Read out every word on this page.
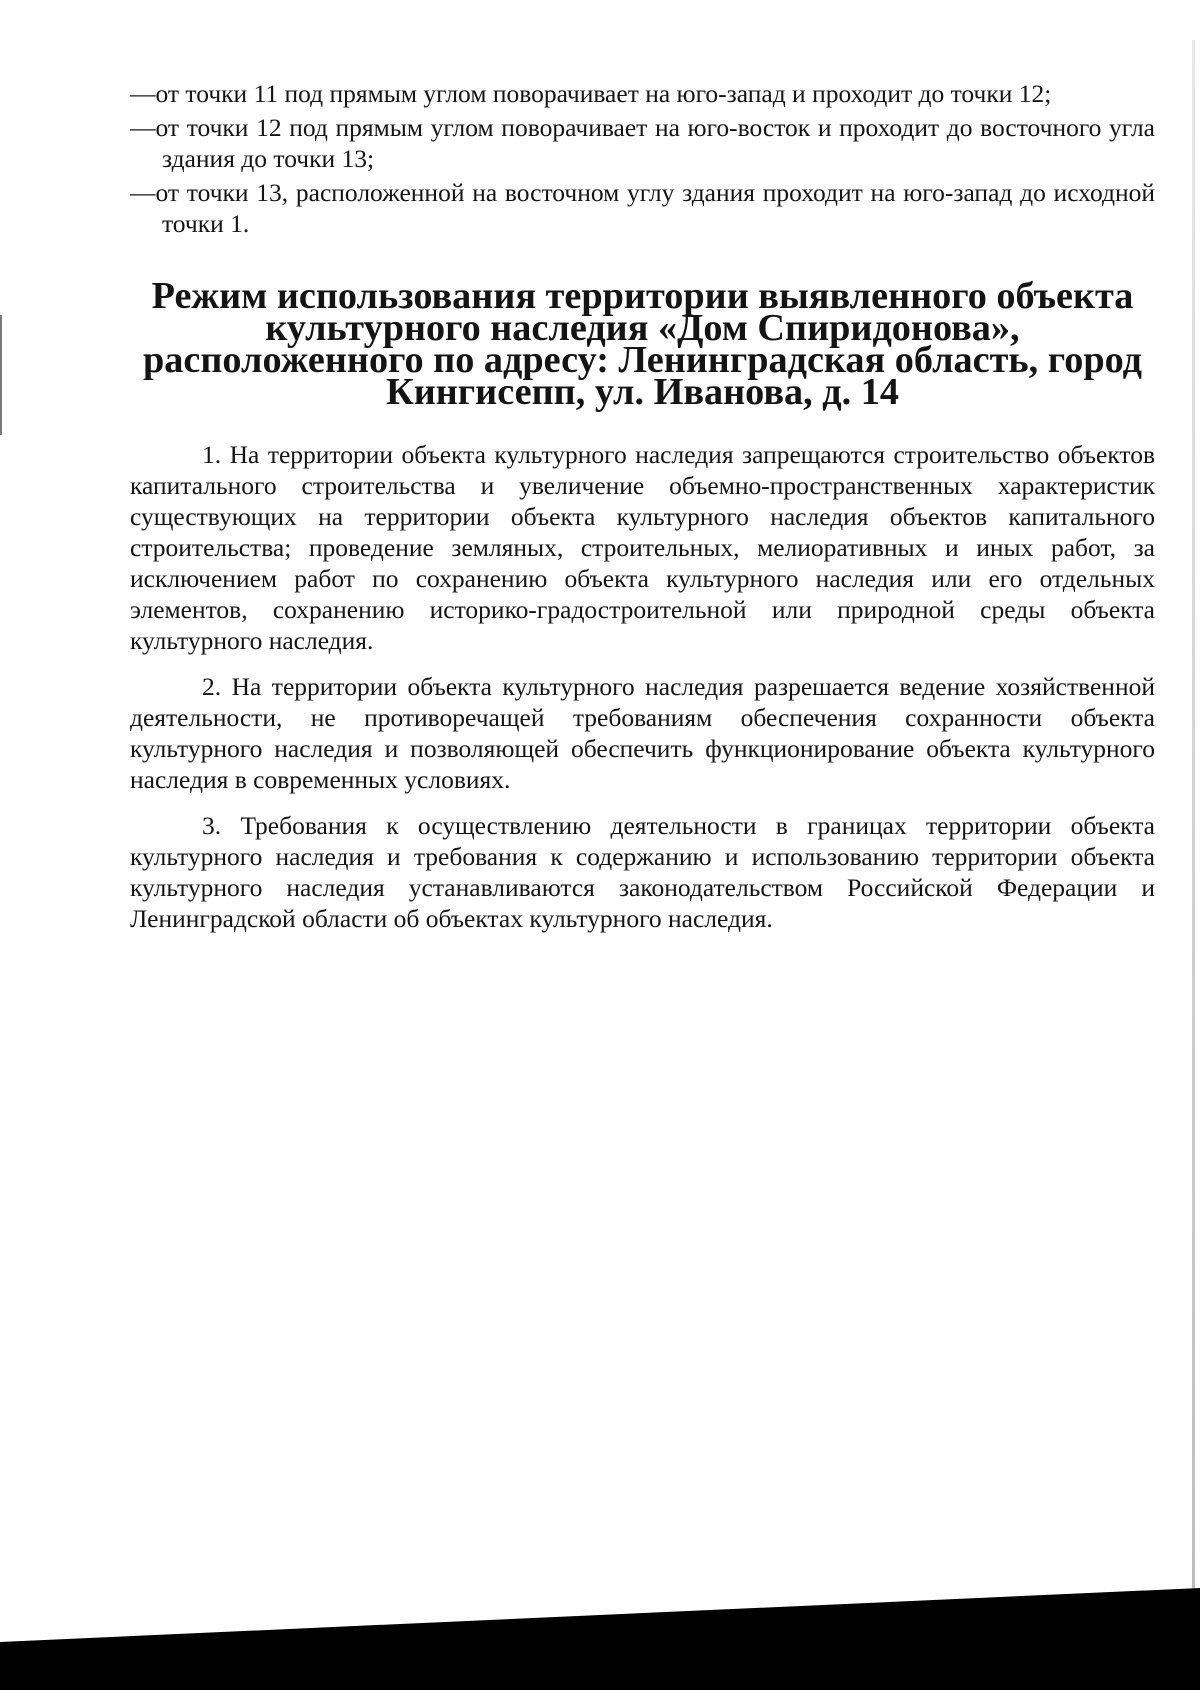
—от точки 11 под прямым углом поворачивает на юго-запад и проходит до точки 12;

—от точки 12 под прямым углом поворачивает на юго-восток и проходит до восточного угла здания до точки 13;

—от точки 13, расположенной на восточном углу здания проходит на юго-запад до исходной точки 1.

Режим использования территории выявленного объекта культурного наследия «Дом Спиридонова», расположенного по адресу: Ленинградская область, город Кингисепп, ул. Иванова, д. 14

1. На территории объекта культурного наследия запрещаются строительство объектов капитального строительства и увеличение объемно-пространственных характеристик существующих на территории объекта культурного наследия объектов капитального строительства; проведение земляных, строительных, мелиоративных и иных работ, за исключением работ по сохранению объекта культурного наследия или его отдельных элементов, сохранению историко-градостроительной или природной среды объекта культурного наследия.

2. На территории объекта культурного наследия разрешается ведение хозяйственной деятельности, не противоречащей требованиям обеспечения сохранности объекта культурного наследия и позволяющей обеспечить функционирование объекта культурного наследия в современных условиях.

3. Требования к осуществлению деятельности в границах территории объекта культурного наследия и требования к содержанию и использованию территории объекта культурного наследия устанавливаются законодательством Российской Федерации и Ленинградской области об объектах культурного наследия.
